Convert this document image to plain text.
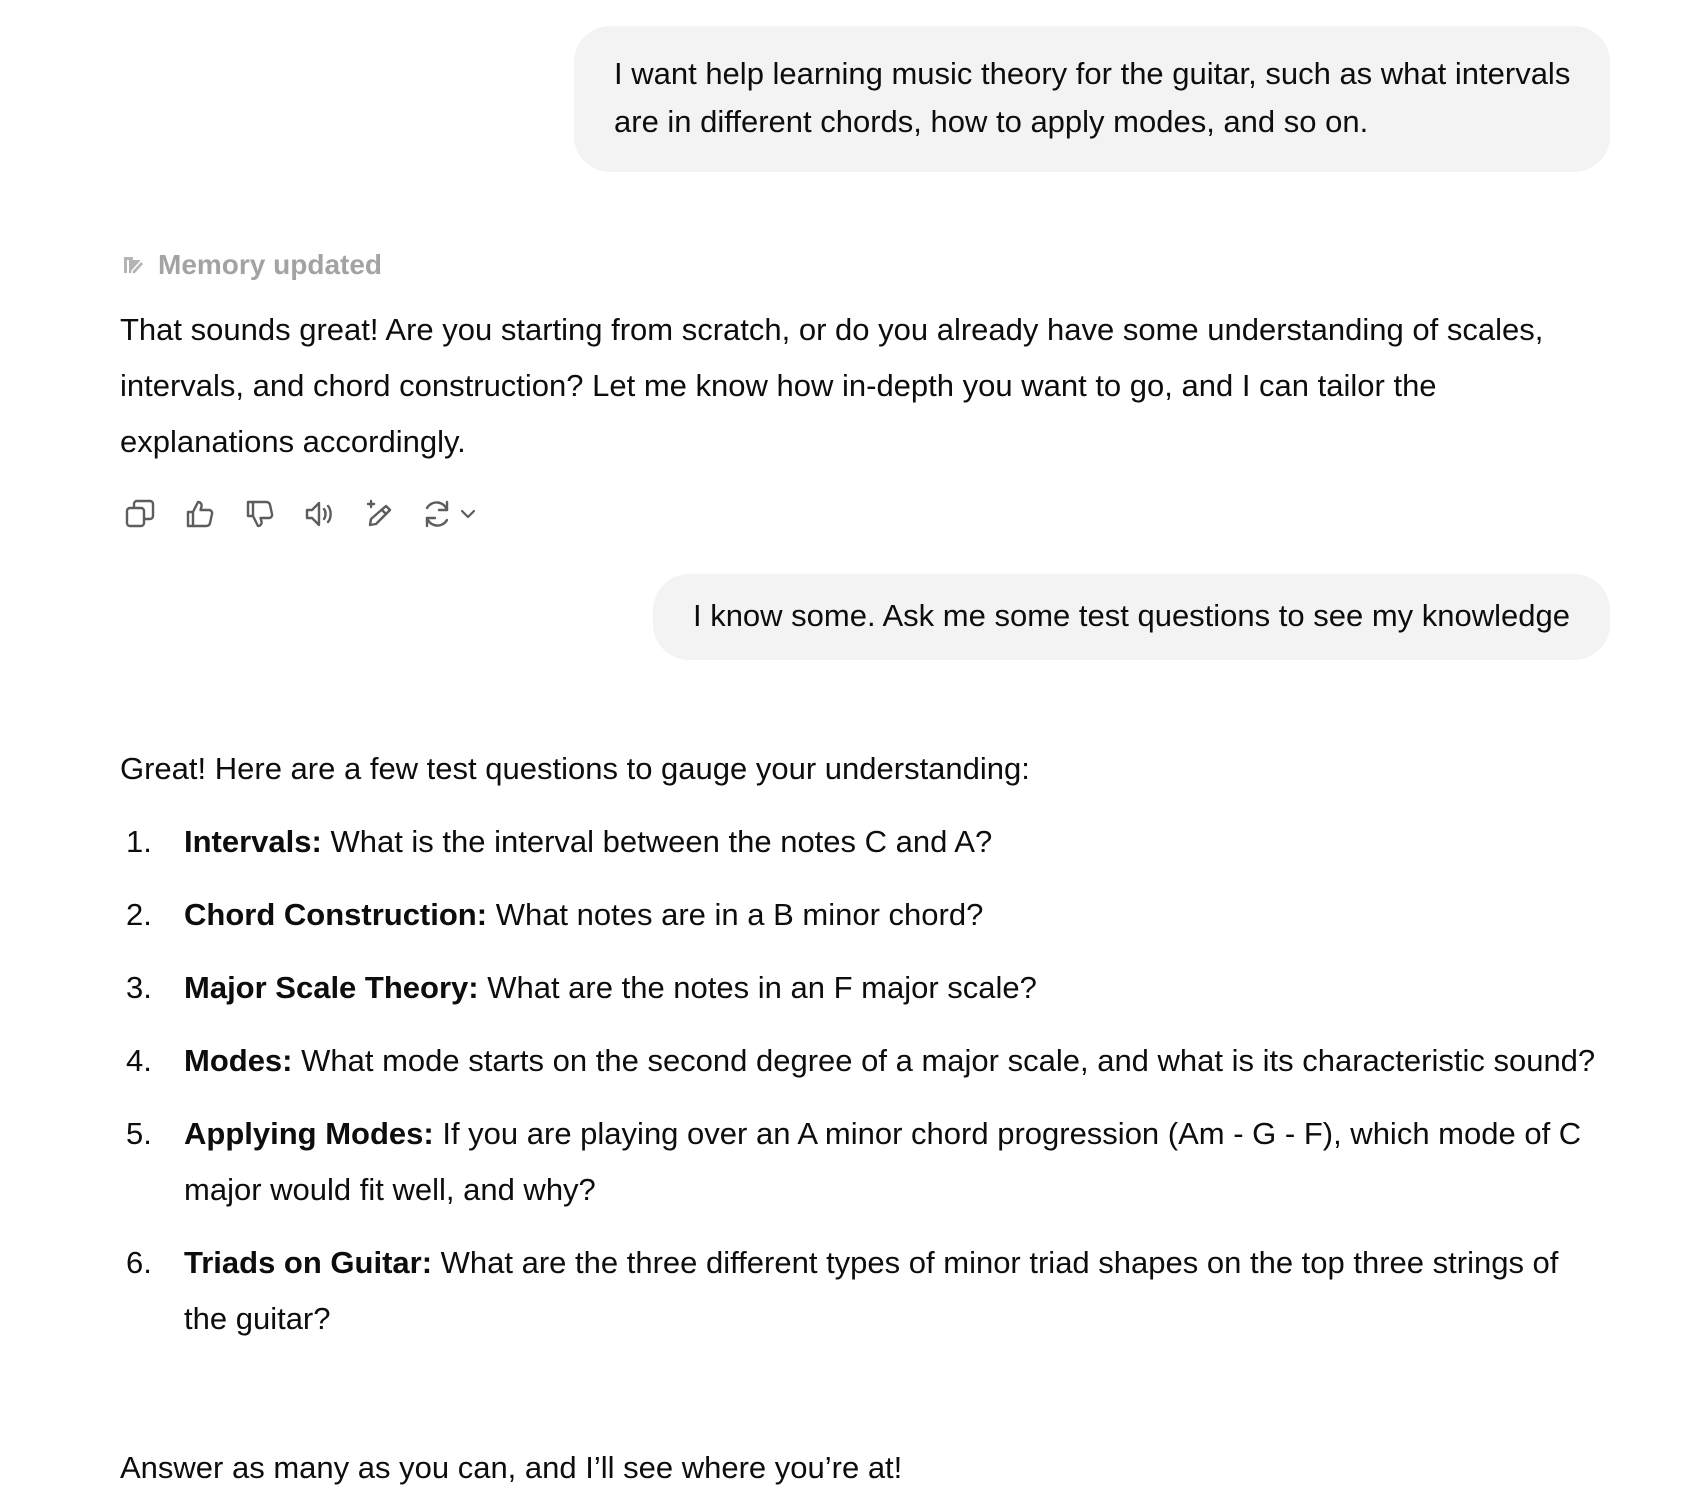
I want help learning music theory for the guitar, such as what intervals are in different chords, how to apply modes, and so on.
Memory updated

That sounds great! Are you starting from scratch, or do you already have some understanding of scales, intervals, and chord construction? Let me know how in-depth you want to go, and I can tailor the explanations accordingly.

I know some. Ask me some test questions to see my knowledge

Great! Here are a few test questions to gauge your understanding:

1.	Intervals: What is the interval between the notes C and A?
2.	Chord Construction: What notes are in a B minor chord?
3.	Major Scale Theory: What are the notes in an F major scale?
4.	Modes: What mode starts on the second degree of a major scale, and what is its characteristic sound?
5.	Applying Modes: If you are playing over an A minor chord progression (Am - G - F), which mode of C major would fit well, and why?
6.	Triads on Guitar: What are the three different types of minor triad shapes on the top three strings of the guitar?

Answer as many as you can, and I’ll see where you’re at!
